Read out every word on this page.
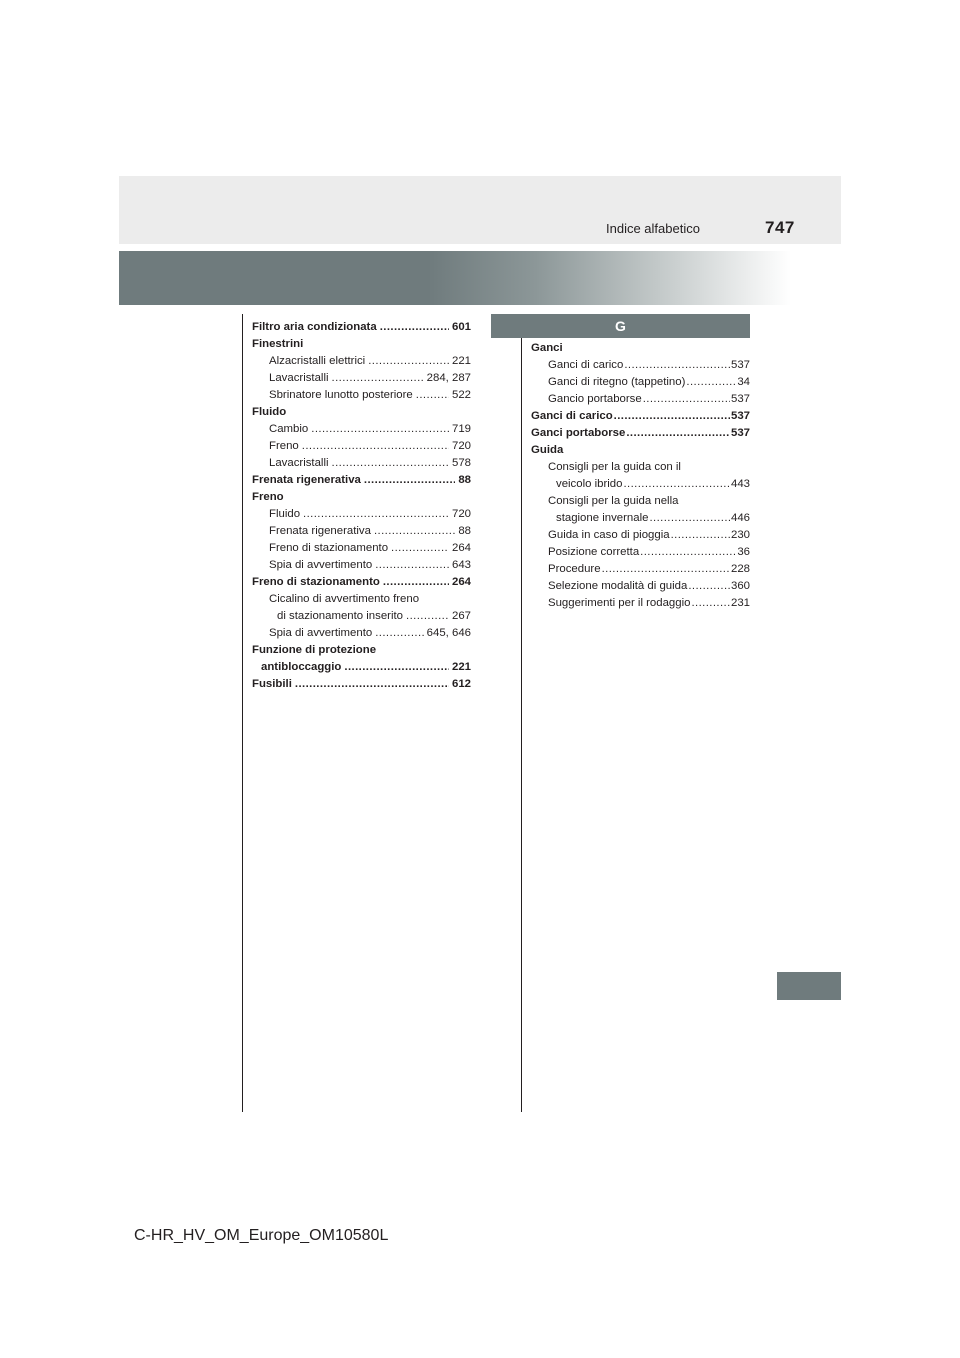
Indice alfabetico	747
G
Filtro aria condizionata .....	601
Finestrini
Alzacristalli elettrici .....	221
Lavacristalli .....	284, 287
Sbrinatore lunotto posteriore .....	522
Fluido
Cambio .....	719
Freno .....	720
Lavacristalli .....	578
Frenata rigenerativa .....	88
Freno
Fluido .....	720
Frenata rigenerativa .....	88
Freno di stazionamento .....	264
Spia di avvertimento .....	643
Freno di stazionamento .....	264
Cicalino di avvertimento freno
di stazionamento inserito .....	267
Spia di avvertimento .....	645, 646
Funzione di protezione
antibloccaggio .....	221
Fusibili .....	612
Ganci
Ganci di carico .....	537
Ganci di ritegno (tappetino) .....	34
Gancio portaborse .....	537
Ganci di carico .....	537
Ganci portaborse .....	537
Guida
Consigli per la guida con il
veicolo ibrido .....	443
Consigli per la guida nella
stagione invernale .....	446
Guida in caso di pioggia .....	230
Posizione corretta .....	36
Procedure .....	228
Selezione modalità di guida .....	360
Suggerimenti per il rodaggio .....	231
C-HR_HV_OM_Europe_OM10580L
